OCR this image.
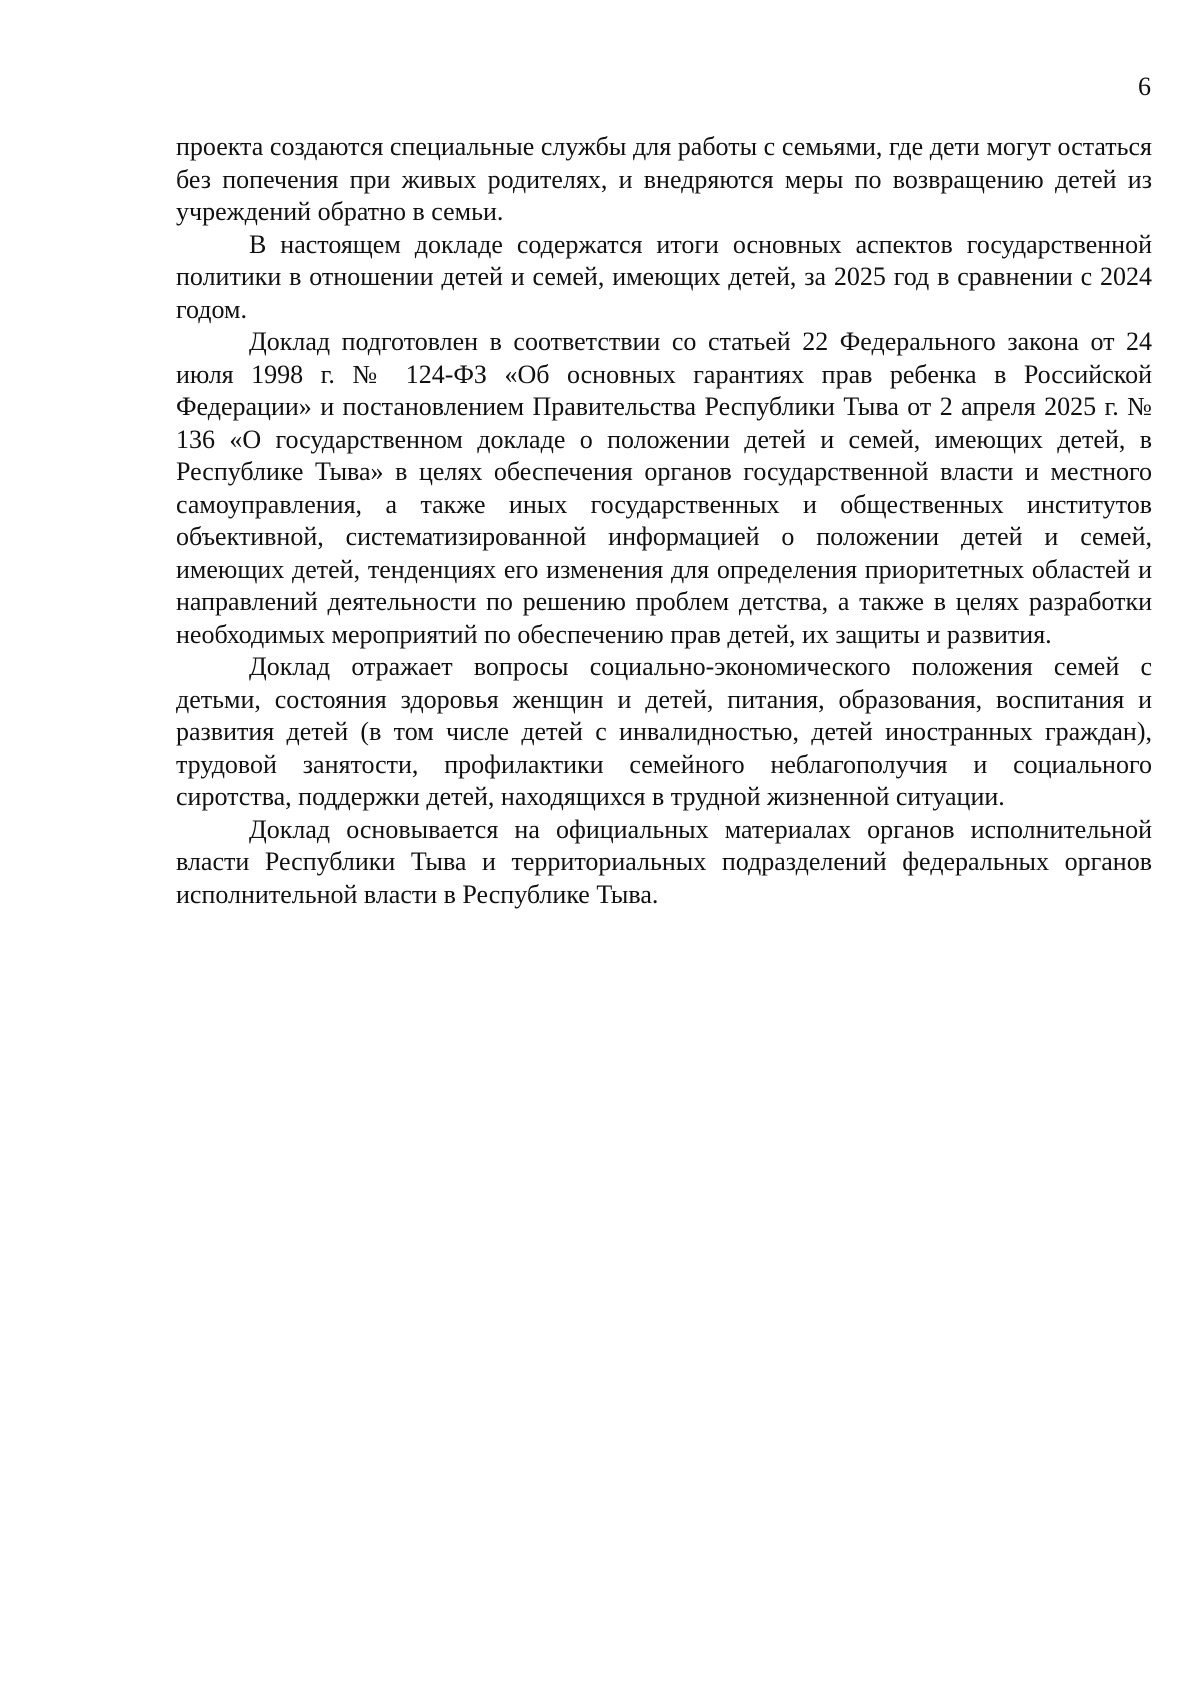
6

проекта создаются специальные службы для работы с семьями, где дети могут остаться без попечения при живых родителях, и внедряются меры по возвращению детей из учреждений обратно в семьи.

В настоящем докладе содержатся итоги основных аспектов государственной политики в отношении детей и семей, имеющих детей, за 2025 год в сравнении с 2024 годом.

Доклад подготовлен в соответствии со статьей 22 Федерального закона от 24 июля 1998 г. № 124-ФЗ «Об основных гарантиях прав ребенка в Российской Федерации» и постановлением Правительства Республики Тыва от 2 апреля 2025 г. № 136 «О государственном докладе о положении детей и семей, имеющих детей, в Республике Тыва» в целях обеспечения органов государственной власти и местного самоуправления, а также иных государственных и общественных институтов объективной, систематизированной информацией о положении детей и семей, имеющих детей, тенденциях его изменения для определения приоритетных областей и направлений деятельности по решению проблем детства, а также в целях разработки необходимых мероприятий по обеспечению прав детей, их защиты и развития.

Доклад отражает вопросы социально-экономического положения семей с детьми, состояния здоровья женщин и детей, питания, образования, воспитания и развития детей (в том числе детей с инвалидностью, детей иностранных граждан), трудовой занятости, профилактики семейного неблагополучия и социального сиротства, поддержки детей, находящихся в трудной жизненной ситуации.

Доклад основывается на официальных материалах органов исполнительной власти Республики Тыва и территориальных подразделений федеральных органов исполнительной власти в Республике Тыва.
